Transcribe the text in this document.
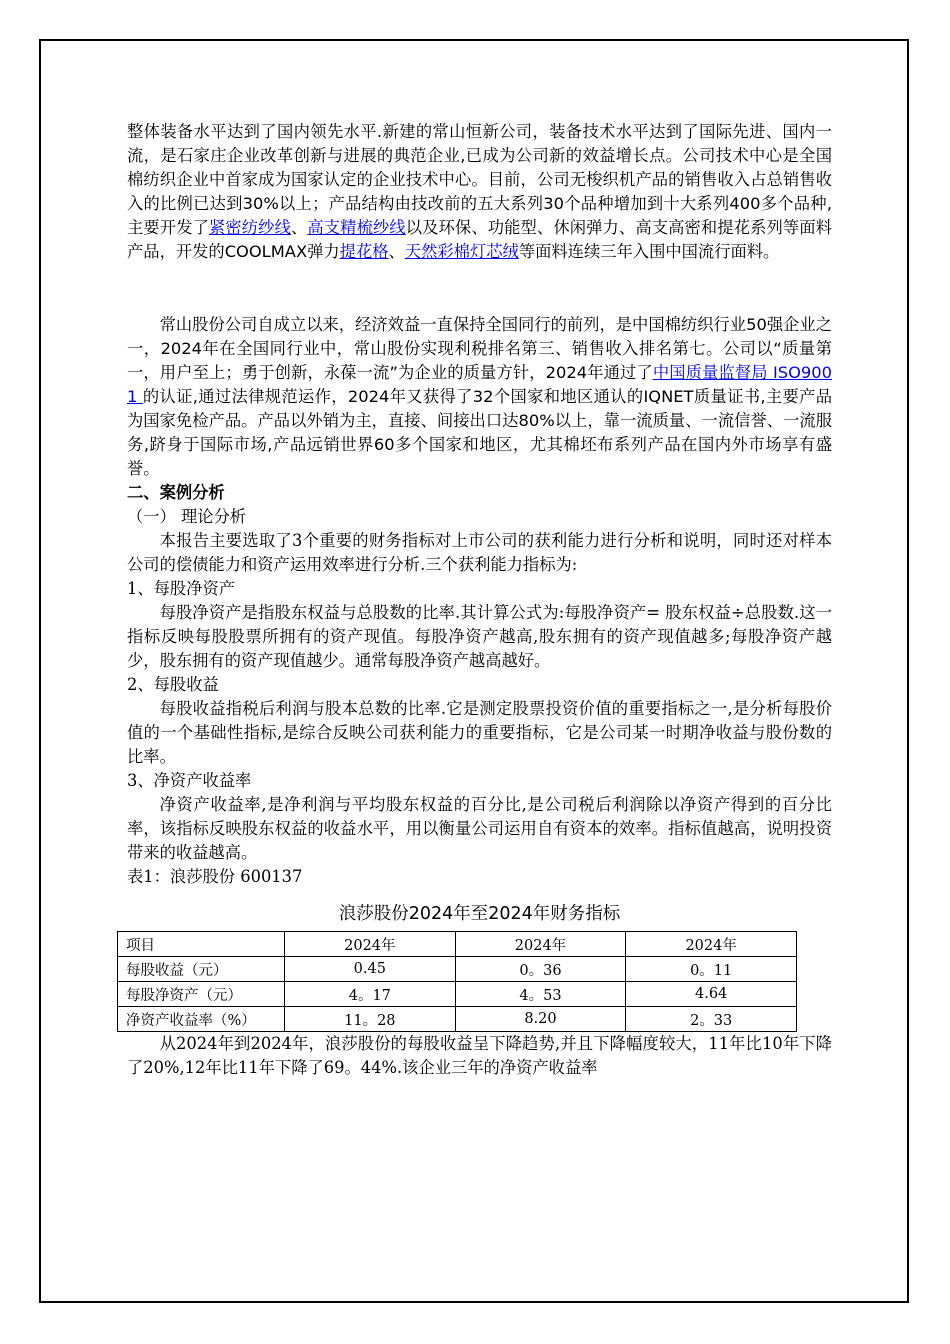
整体装备水平达到了国内领先水平.新建的常山恒新公司，装备技术水平达到了国际先进、国内一流，是石家庄企业改革创新与进展的典范企业,已成为公司新的效益增长点。公司技术中心是全国棉纺织企业中首家成为国家认定的企业技术中心。目前，公司无梭织机产品的销售收入占总销售收入的比例已达到30%以上；产品结构由技改前的五大系列30个品种增加到十大系列400多个品种,主要开发了紧密纺纱线、高支精梳纱线以及环保、功能型、休闲弹力、高支高密和提花系列等面料产品，开发的COOLMAX弹力提花格、天然彩棉灯芯绒等面料连续三年入围中国流行面料。

常山股份公司自成立以来，经济效益一直保持全国同行的前列，是中国棉纺织行业50强企业之一，2024年在全国同行业中，常山股份实现利税排名第三、销售收入排名第七。公司以“质量第一，用户至上；勇于创新，永葆一流”为企业的质量方针，2024年通过了中国质量监督局 ISO9001 的认证,通过法律规范运作，2024年又获得了32个国家和地区通认的IQNET质量证书,主要产品为国家免检产品。产品以外销为主，直接、间接出口达80%以上，靠一流质量、一流信誉、一流服务,跻身于国际市场,产品远销世界60多个国家和地区，尤其棉坯布系列产品在国内外市场享有盛誉。

二、案例分析

（一） 理论分析

本报告主要选取了3个重要的财务指标对上市公司的获利能力进行分析和说明，同时还对样本公司的偿债能力和资产运用效率进行分析.三个获利能力指标为:

1、每股净资产

每股净资产是指股东权益与总股数的比率.其计算公式为:每股净资产= 股东权益÷总股数.这一指标反映每股股票所拥有的资产现值。每股净资产越高,股东拥有的资产现值越多;每股净资产越少，股东拥有的资产现值越少。通常每股净资产越高越好。

2、每股收益

每股收益指税后利润与股本总数的比率.它是测定股票投资价值的重要指标之一,是分析每股价值的一个基础性指标,是综合反映公司获利能力的重要指标，它是公司某一时期净收益与股份数的比率。

3、净资产收益率

净资产收益率,是净利润与平均股东权益的百分比,是公司税后利润除以净资产得到的百分比率，该指标反映股东权益的收益水平，用以衡量公司运用自有资本的效率。指标值越高，说明投资带来的收益越高。

表1：浪莎股份 600137

浪莎股份2024年至2024年财务指标
项目	2024年	2024年	2024年
每股收益（元）	0.45	0。36	0。11
每股净资产（元）	4。17	4。53	4.64
净资产收益率（%）	11。28	8.20	2。33

从2024年到2024年，浪莎股份的每股收益呈下降趋势,并且下降幅度较大，11年比10年下降了20%,12年比11年下降了69。44%.该企业三年的净资产收益率
